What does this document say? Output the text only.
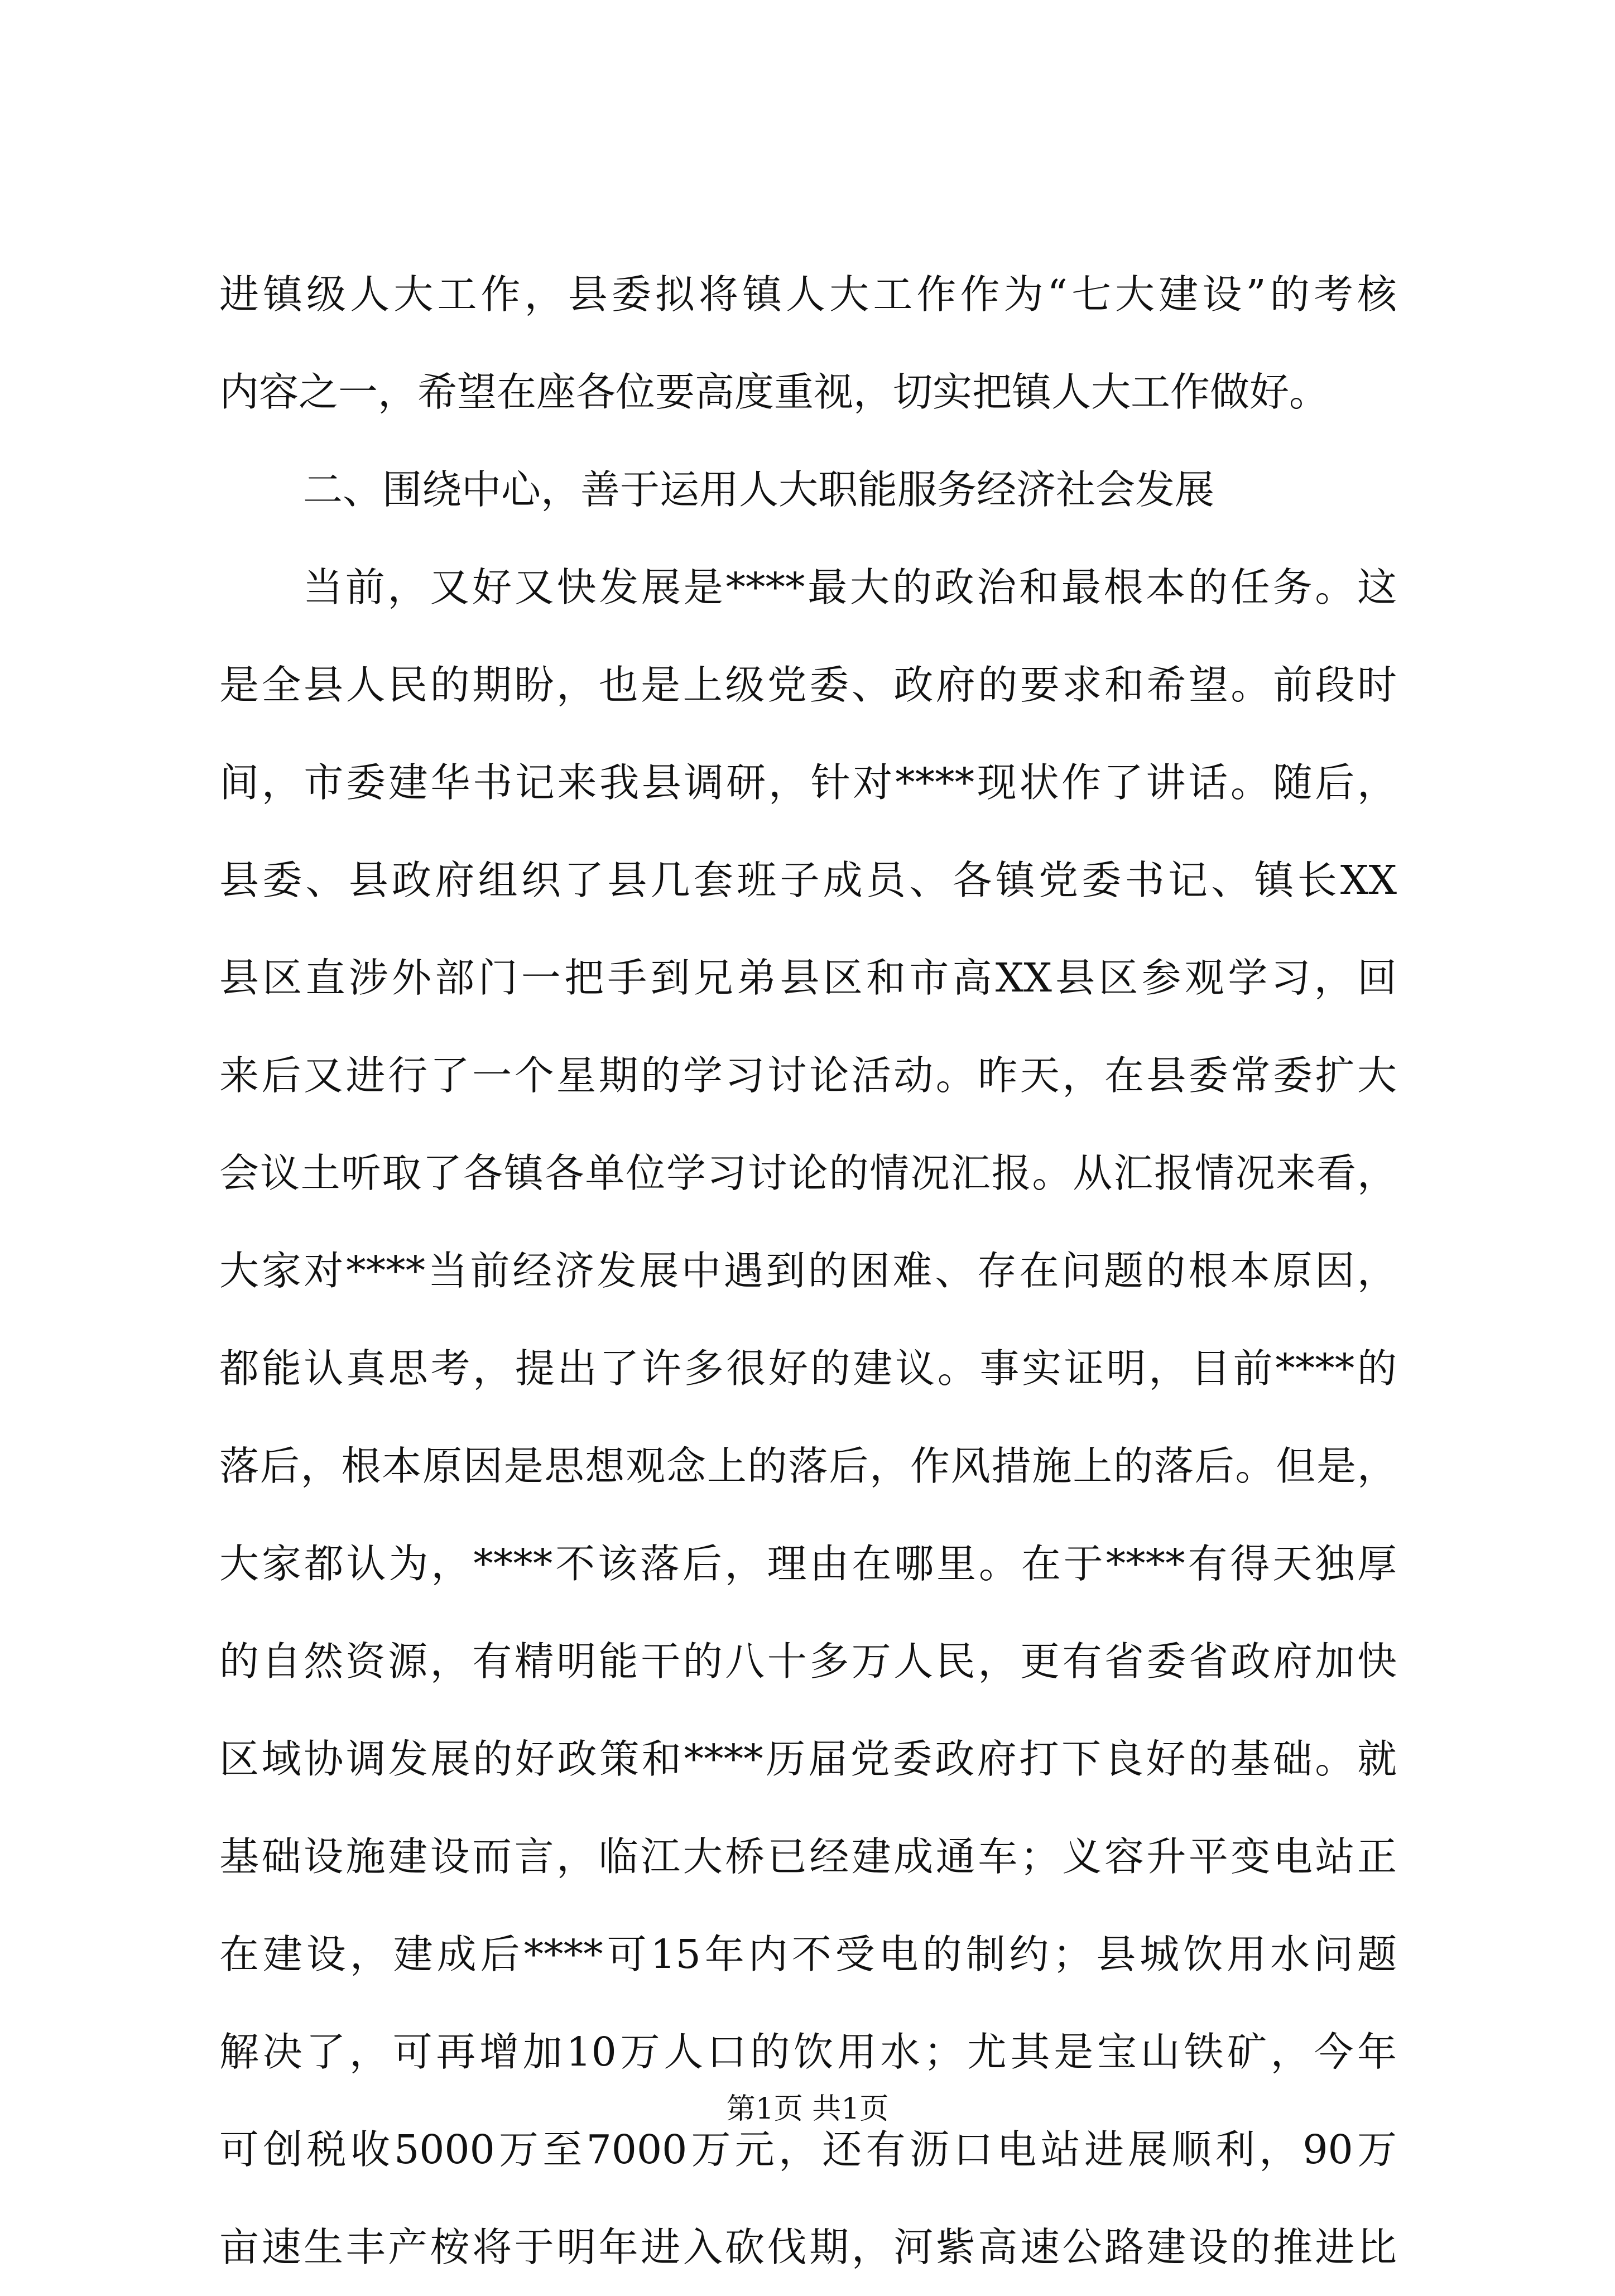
进镇级人大工作，县委拟将镇人大工作作为“七大建设”的考核
内容之一，希望在座各位要高度重视，切实把镇人大工作做好。
二、围绕中心，善于运用人大职能服务经济社会发展
当前，又好又快发展是****最大的政治和最根本的任务。这
是全县人民的期盼，也是上级党委、政府的要求和希望。前段时
间，市委建华书记来我县调研，针对****现状作了讲话。随后，
县委、县政府组织了县几套班子成员、各镇党委书记、镇长XX
县区直涉外部门一把手到兄弟县区和市高XX县区参观学习，回
来后又进行了一个星期的学习讨论活动。昨天，在县委常委扩大
会议土听取了各镇各单位学习讨论的情况汇报。从汇报情况来看，
大家对****当前经济发展中遇到的困难、存在问题的根本原因，
都能认真思考，提出了许多很好的建议。事实证明，目前****的
落后，根本原因是思想观念上的落后，作风措施上的落后。但是，
大家都认为，****不该落后，理由在哪里。在于****有得天独厚
的自然资源，有精明能干的八十多万人民，更有省委省政府加快
区域协调发展的好政策和****历届党委政府打下良好的基础。就
基础设施建设而言，临江大桥已经建成通车；义容升平变电站正
在建设，建成后****可15年内不受电的制约；县城饮用水问题
解决了，可再增加10万人口的饮用水；尤其是宝山铁矿，今年
可创税收5000万至7000万元，还有沥口电站进展顺利，90万
亩速生丰产桉将于明年进入砍伐期，河紫高速公路建设的推进比
第1页 共1页
